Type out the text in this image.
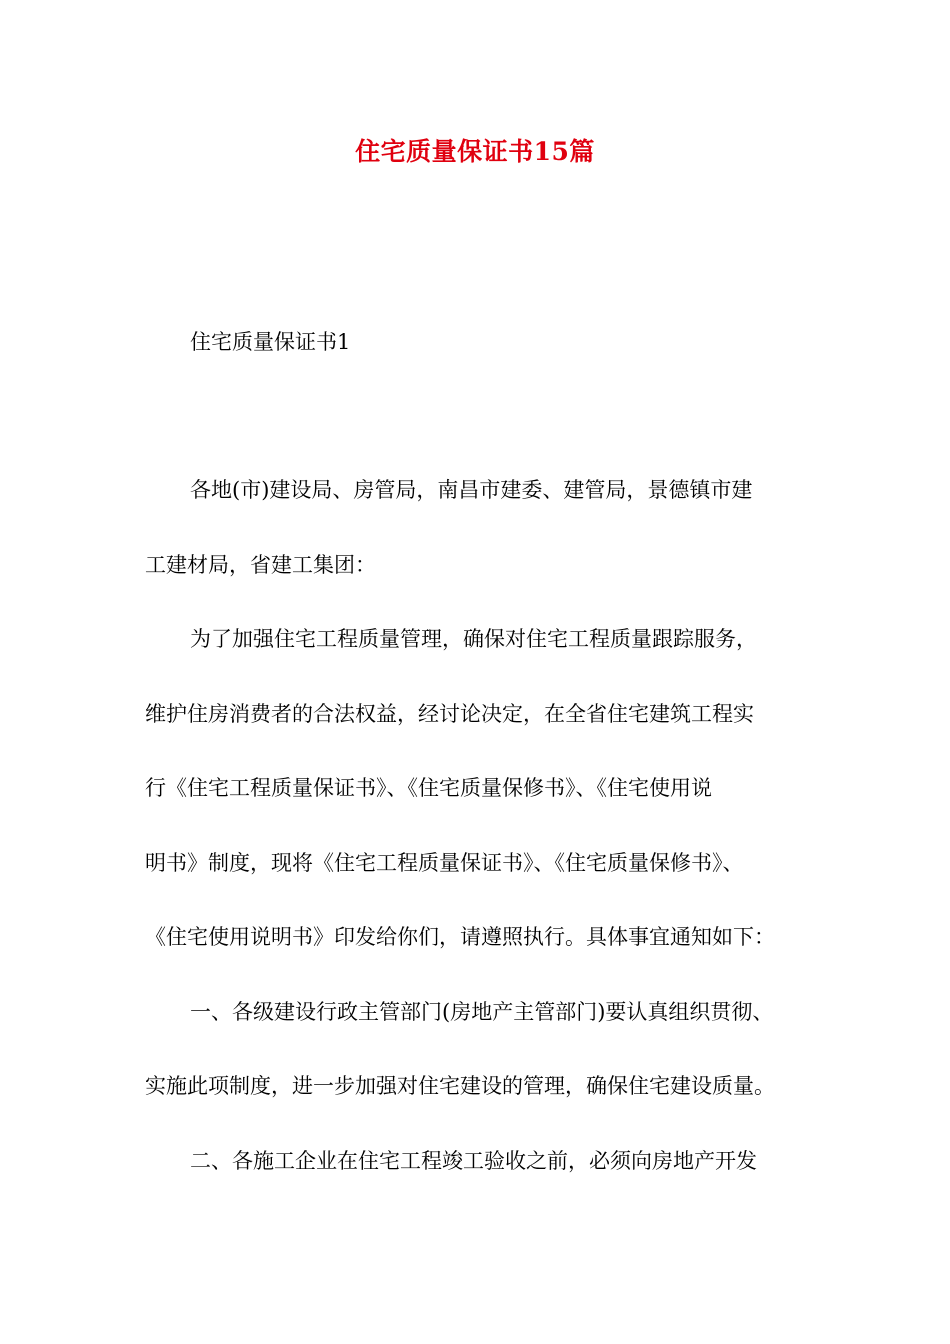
住宅质量保证书15篇
住宅质量保证书1
各地(市)建设局、房管局，南昌市建委、建管局，景德镇市建
工建材局，省建工集团：
为了加强住宅工程质量管理，确保对住宅工程质量跟踪服务，
维护住房消费者的合法权益，经讨论决定，在全省住宅建筑工程实
行《住宅工程质量保证书》、《住宅质量保修书》、《住宅使用说
明书》制度，现将《住宅工程质量保证书》、《住宅质量保修书》、
《住宅使用说明书》印发给你们，请遵照执行。具体事宜通知如下：
一、各级建设行政主管部门(房地产主管部门)要认真组织贯彻、
实施此项制度，进一步加强对住宅建设的管理，确保住宅建设质量。
二、各施工企业在住宅工程竣工验收之前，必须向房地产开发
